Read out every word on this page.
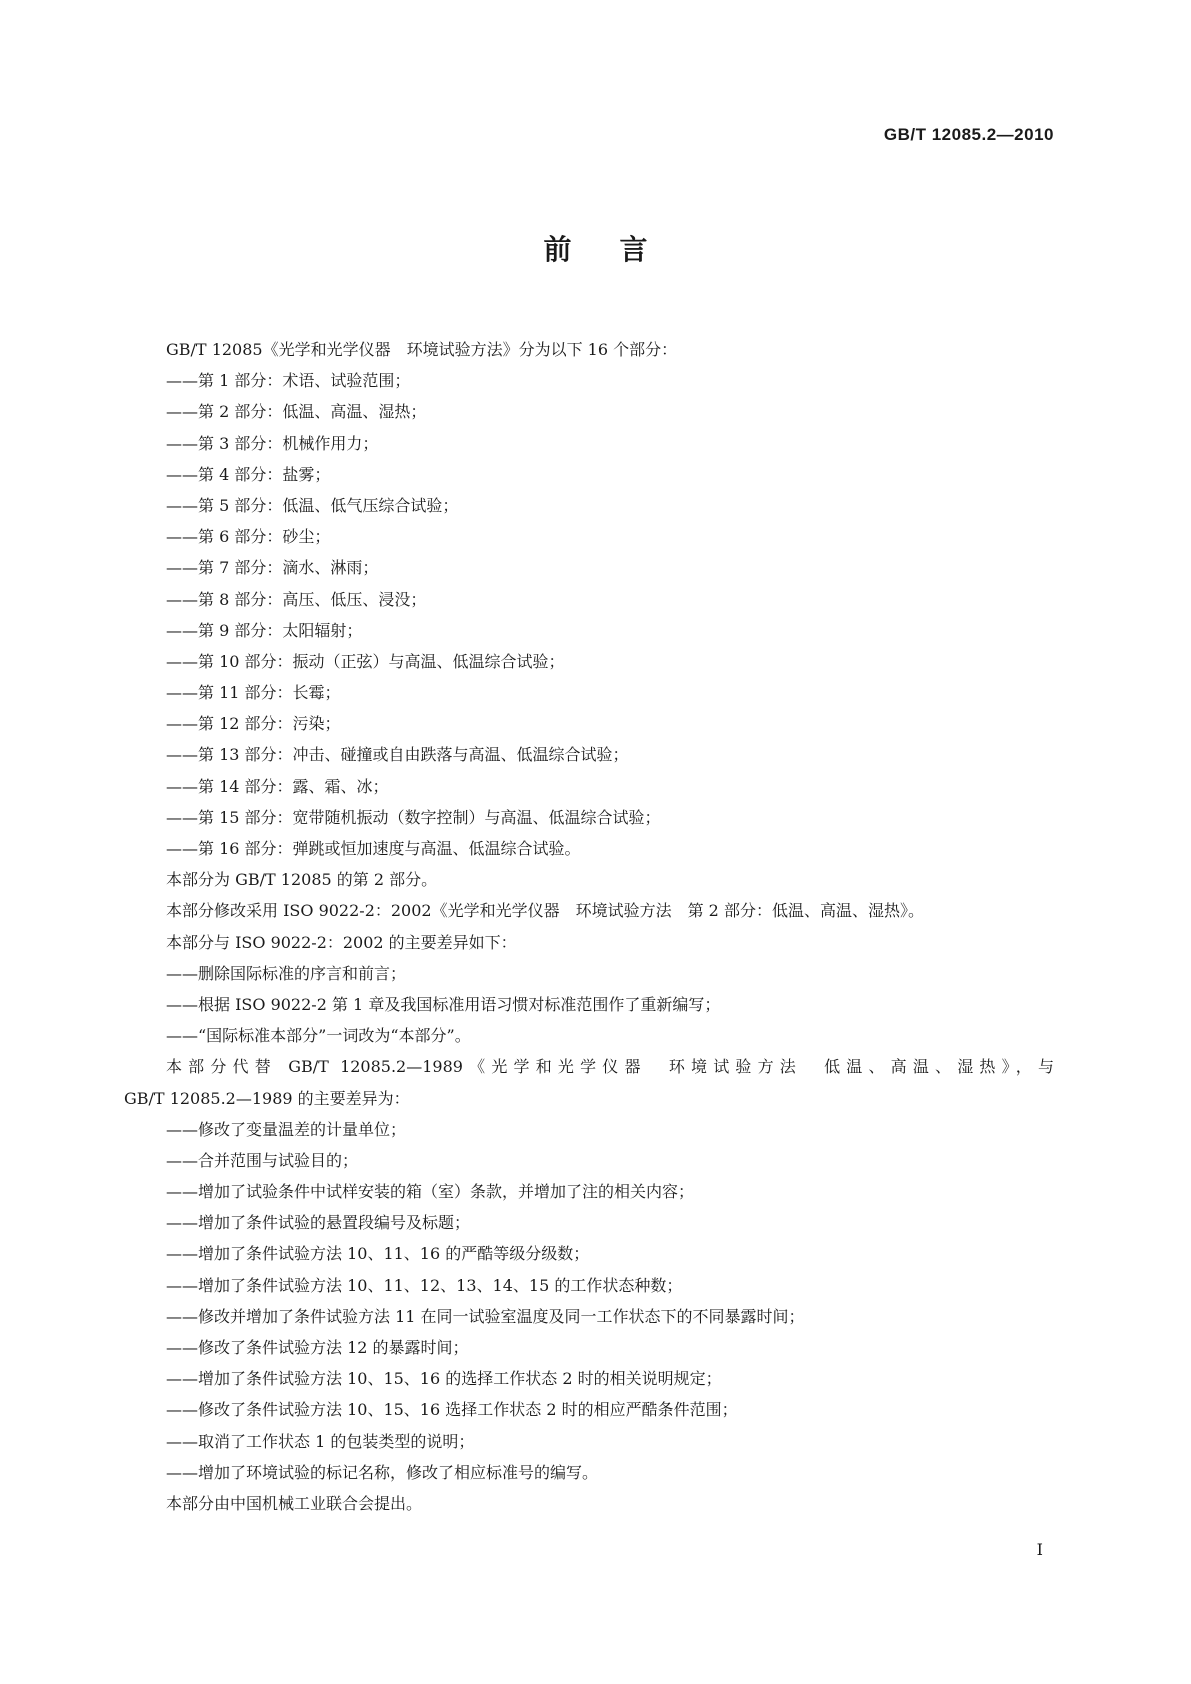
GB/T 12085.2—2010
前言
GB/T 12085《光学和光学仪器　环境试验方法》分为以下 16 个部分：
——第 1 部分：术语、试验范围；
——第 2 部分：低温、高温、湿热；
——第 3 部分：机械作用力；
——第 4 部分：盐雾；
——第 5 部分：低温、低气压综合试验；
——第 6 部分：砂尘；
——第 7 部分：滴水、淋雨；
——第 8 部分：高压、低压、浸没；
——第 9 部分：太阳辐射；
——第 10 部分：振动（正弦）与高温、低温综合试验；
——第 11 部分：长霉；
——第 12 部分：污染；
——第 13 部分：冲击、碰撞或自由跌落与高温、低温综合试验；
——第 14 部分：露、霜、冰；
——第 15 部分：宽带随机振动（数字控制）与高温、低温综合试验；
——第 16 部分：弹跳或恒加速度与高温、低温综合试验。
本部分为 GB/T 12085 的第 2 部分。
本部分修改采用 ISO 9022-2：2002《光学和光学仪器　环境试验方法　第 2 部分：低温、高温、湿热》。
本部分与 ISO 9022-2：2002 的主要差异如下：
——删除国际标准的序言和前言；
——根据 ISO 9022-2 第 1 章及我国标准用语习惯对标准范围作了重新编写；
——“国际标准本部分”一词改为“本部分”。
本部分代替 GB/T 12085.2—1989《光学和光学仪器　环境试验方法　低温、高温、湿热》，与
GB/T 12085.2—1989 的主要差异为：
——修改了变量温差的计量单位；
——合并范围与试验目的；
——增加了试验条件中试样安装的箱（室）条款，并增加了注的相关内容；
——增加了条件试验的悬置段编号及标题；
——增加了条件试验方法 10、11、16 的严酷等级分级数；
——增加了条件试验方法 10、11、12、13、14、15 的工作状态种数；
——修改并增加了条件试验方法 11 在同一试验室温度及同一工作状态下的不同暴露时间；
——修改了条件试验方法 12 的暴露时间；
——增加了条件试验方法 10、15、16 的选择工作状态 2 时的相关说明规定；
——修改了条件试验方法 10、15、16 选择工作状态 2 时的相应严酷条件范围；
——取消了工作状态 1 的包装类型的说明；
——增加了环境试验的标记名称，修改了相应标准号的编写。
本部分由中国机械工业联合会提出。
I
